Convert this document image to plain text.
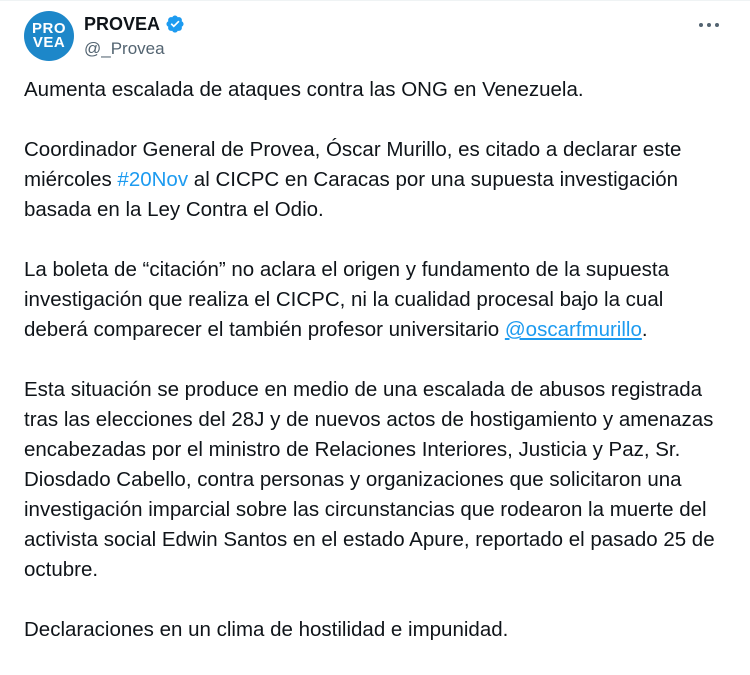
PRO
VEA
PROVEA
@_Provea

Aumenta escalada de ataques contra las ONG en Venezuela.

Coordinador General de Provea, Óscar Murillo, es citado a declarar este miércoles #20Nov al CICPC en Caracas por una supuesta investigación basada en la Ley Contra el Odio.

La boleta de “citación” no aclara el origen y fundamento de la supuesta investigación que realiza el CICPC, ni la cualidad procesal bajo la cual deberá comparecer el también profesor universitario @oscarfmurillo.

Esta situación se produce en medio de una escalada de abusos registrada tras las elecciones del 28J y de nuevos actos de hostigamiento y amenazas encabezadas por el ministro de Relaciones Interiores, Justicia y Paz, Sr. Diosdado Cabello, contra personas y organizaciones que solicitaron una investigación imparcial sobre las circunstancias que rodearon la muerte del activista social Edwin Santos en el estado Apure, reportado el pasado 25 de octubre.

Declaraciones en un clima de hostilidad e impunidad.
